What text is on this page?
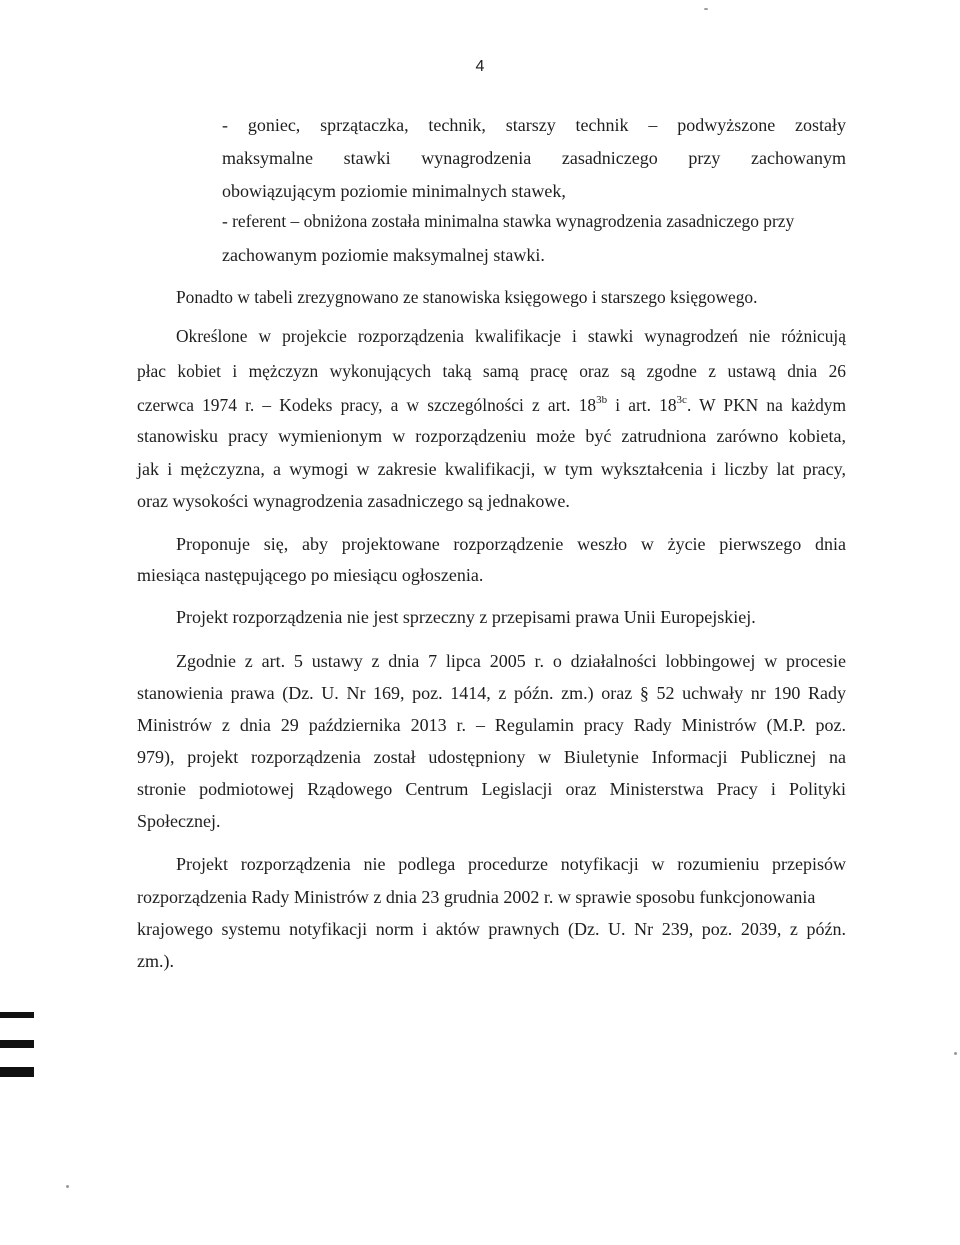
4
- goniec, sprzątaczka, technik, starszy technik – podwyższone zostały
maksymalne stawki wynagrodzenia zasadniczego przy zachowanym
obowiązującym poziomie minimalnych stawek,
- referent – obniżona została minimalna stawka wynagrodzenia zasadniczego przy
zachowanym poziomie maksymalnej stawki.
Ponadto w tabeli zrezygnowano ze stanowiska księgowego i starszego księgowego.
Określone w projekcie rozporządzenia kwalifikacje i stawki wynagrodzeń nie różnicują
płac kobiet i mężczyzn wykonujących taką samą pracę oraz są zgodne z ustawą dnia 26
czerwca 1974 r. – Kodeks pracy, a w szczególności z art. $18^{3b}$ i art. $18^{3c}$. W PKN na każdym
stanowisku pracy wymienionym w rozporządzeniu może być zatrudniona zarówno kobieta,
jak i mężczyzna, a wymogi w zakresie kwalifikacji, w tym wykształcenia i liczby lat pracy,
oraz wysokości wynagrodzenia zasadniczego są jednakowe.
Proponuje się, aby projektowane rozporządzenie weszło w życie pierwszego dnia
miesiąca następującego po miesiącu ogłoszenia.
Projekt rozporządzenia nie jest sprzeczny z przepisami prawa Unii Europejskiej.
Zgodnie z art. 5 ustawy z dnia 7 lipca 2005 r. o działalności lobbingowej w procesie
stanowienia prawa (Dz. U. Nr 169, poz. 1414, z późn. zm.) oraz § 52 uchwały nr 190 Rady
Ministrów z dnia 29 października 2013 r. – Regulamin pracy Rady Ministrów (M.P. poz.
979), projekt rozporządzenia został udostępniony w Biuletynie Informacji Publicznej na
stronie podmiotowej Rządowego Centrum Legislacji oraz Ministerstwa Pracy i Polityki
Społecznej.
Projekt rozporządzenia nie podlega procedurze notyfikacji w rozumieniu przepisów
rozporządzenia Rady Ministrów z dnia 23 grudnia 2002 r. w sprawie sposobu funkcjonowania
krajowego systemu notyfikacji norm i aktów prawnych (Dz. U. Nr 239, poz. 2039, z późn.
zm.).
